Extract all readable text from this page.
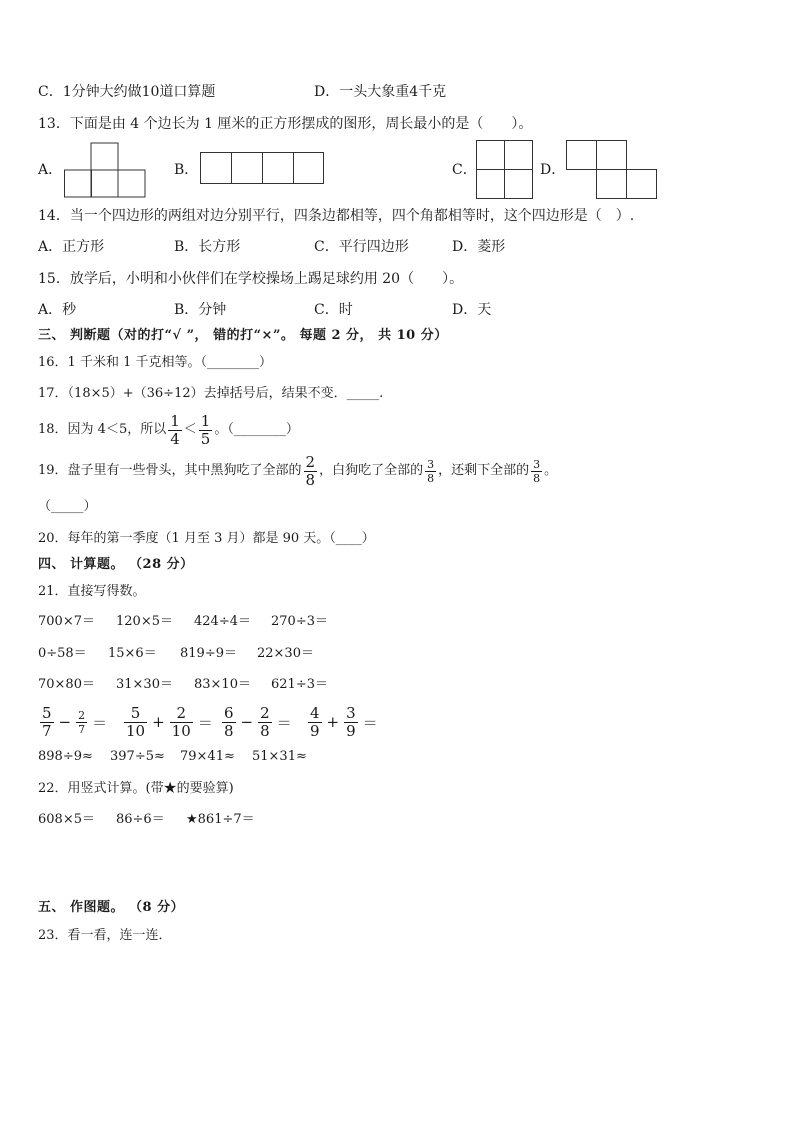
C．1分钟大约做10道口算题	D．一头大象重4千克
13．下面是由 4 个边长为 1 厘米的正方形摆成的图形，周长最小的是（　　）。
A．	B．	C．	D．
14．当一个四边形的两组对边分别平行，四条边都相等，四个角都相等时，这个四边形是（　）.
A．正方形	B．长方形	C．平行四边形	D．菱形
15．放学后，小明和小伙伴们在学校操场上踢足球约用 20（　　）。
A．秒	B．分钟	C．时	D．天
三、 判断题（对的打“√ ”， 错的打“×”。 每题 2 分， 共 10 分）
16．1 千米和 1 千克相等。（________）
17．（18×5）+（36÷12）去掉括号后，结果不变．_____.
18．因为 4＜5，所以 $\frac{1}{4} < \frac{1}{5}$ 。（________）
19．盘子里有一些骨头，其中黑狗吃了全部的 $\frac{2}{8}$ ，白狗吃了全部的 $\frac{3}{8}$ ，还剩下全部的 $\frac{3}{8}$ 。
（_____）
20．每年的第一季度（1 月至 3 月）都是 90 天。（____）
四、 计算题。 （28 分）
21．直接写得数。
700×7＝ 120×5＝ 424÷4＝ 270÷3＝
0÷58＝ 15×6＝ 819÷9＝ 22×30＝
70×80＝ 31×30＝ 83×10＝ 621÷3＝
$\frac{5}{7} - \frac{2}{7} = \frac{5}{10} + \frac{2}{10} = \frac{6}{8} - \frac{2}{8} = \frac{4}{9} + \frac{3}{9}$ ＝
898÷9≈ 397÷5≈ 79×41≈ 51×31≈
22．用竖式计算。(带★的要验算)
608×5＝ 86÷6＝ ★861÷7＝
五、 作图题。 （8 分）
23．看一看，连一连．
